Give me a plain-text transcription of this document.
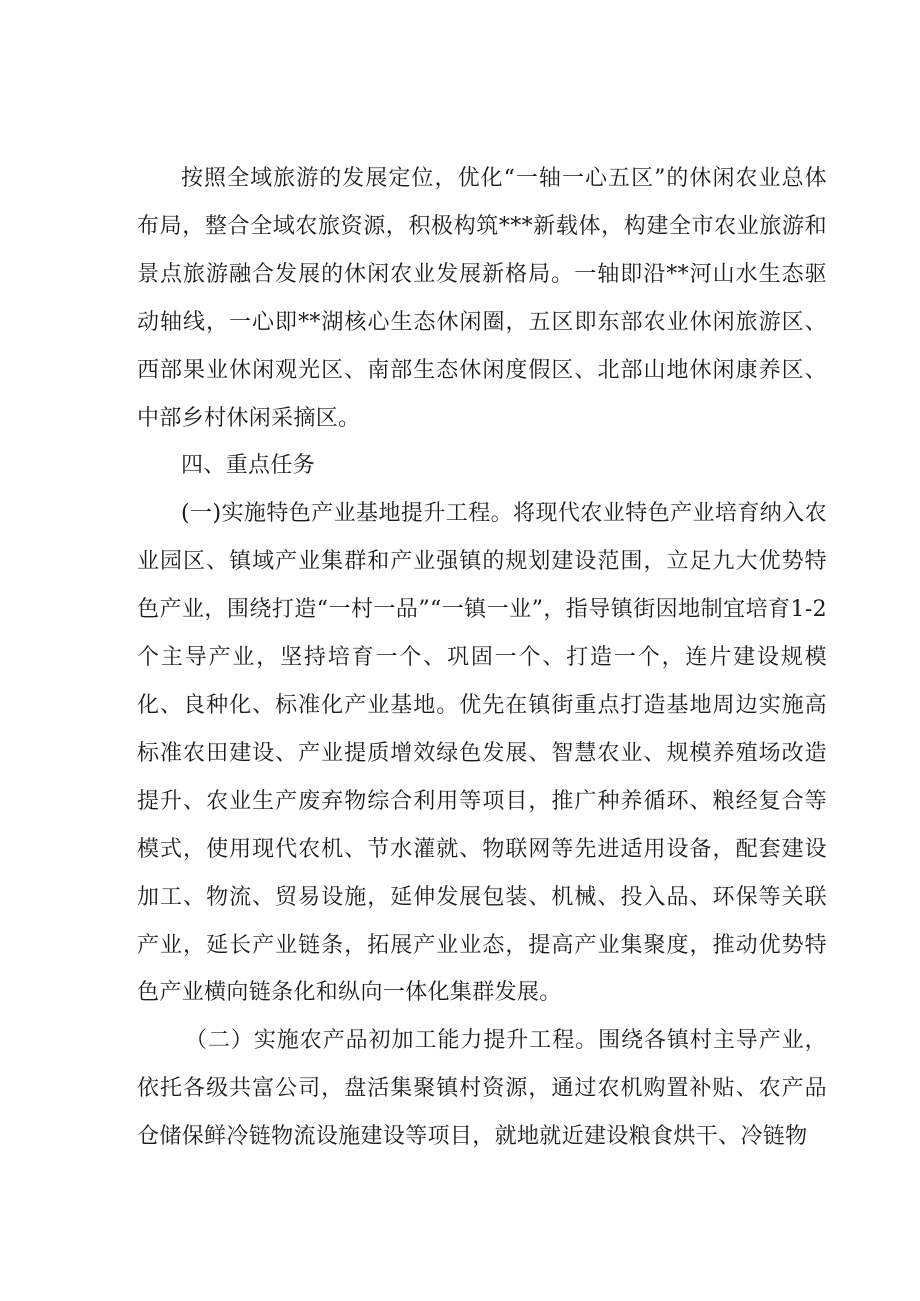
按照全域旅游的发展定位，优化“一轴一心五区”的休闲农业总体布局，整合全域农旅资源，积极构筑***新载体，构建全市农业旅游和景点旅游融合发展的休闲农业发展新格局。一轴即沿**河山水生态驱动轴线，一心即**湖核心生态休闲圈，五区即东部农业休闲旅游区、西部果业休闲观光区、南部生态休闲度假区、北部山地休闲康养区、中部乡村休闲采摘区。

四、重点任务

(一)实施特色产业基地提升工程。将现代农业特色产业培育纳入农业园区、镇域产业集群和产业强镇的规划建设范围，立足九大优势特色产业，围绕打造“一村一品”“一镇一业”，指导镇街因地制宜培育1-2个主导产业，坚持培育一个、巩固一个、打造一个，连片建设规模化、良种化、标准化产业基地。优先在镇街重点打造基地周边实施高标准农田建设、产业提质增效绿色发展、智慧农业、规模养殖场改造提升、农业生产废弃物综合利用等项目，推广种养循环、粮经复合等模式，使用现代农机、节水灌就、物联网等先进适用设备，配套建设加工、物流、贸易设施，延伸发展包装、机械、投入品、环保等关联产业，延长产业链条，拓展产业业态，提高产业集聚度，推动优势特色产业横向链条化和纵向一体化集群发展。

（二）实施农产品初加工能力提升工程。围绕各镇村主导产业，依托各级共富公司，盘活集聚镇村资源，通过农机购置补贴、农产品仓储保鲜冷链物流设施建设等项目，就地就近建设粮食烘干、冷链物
